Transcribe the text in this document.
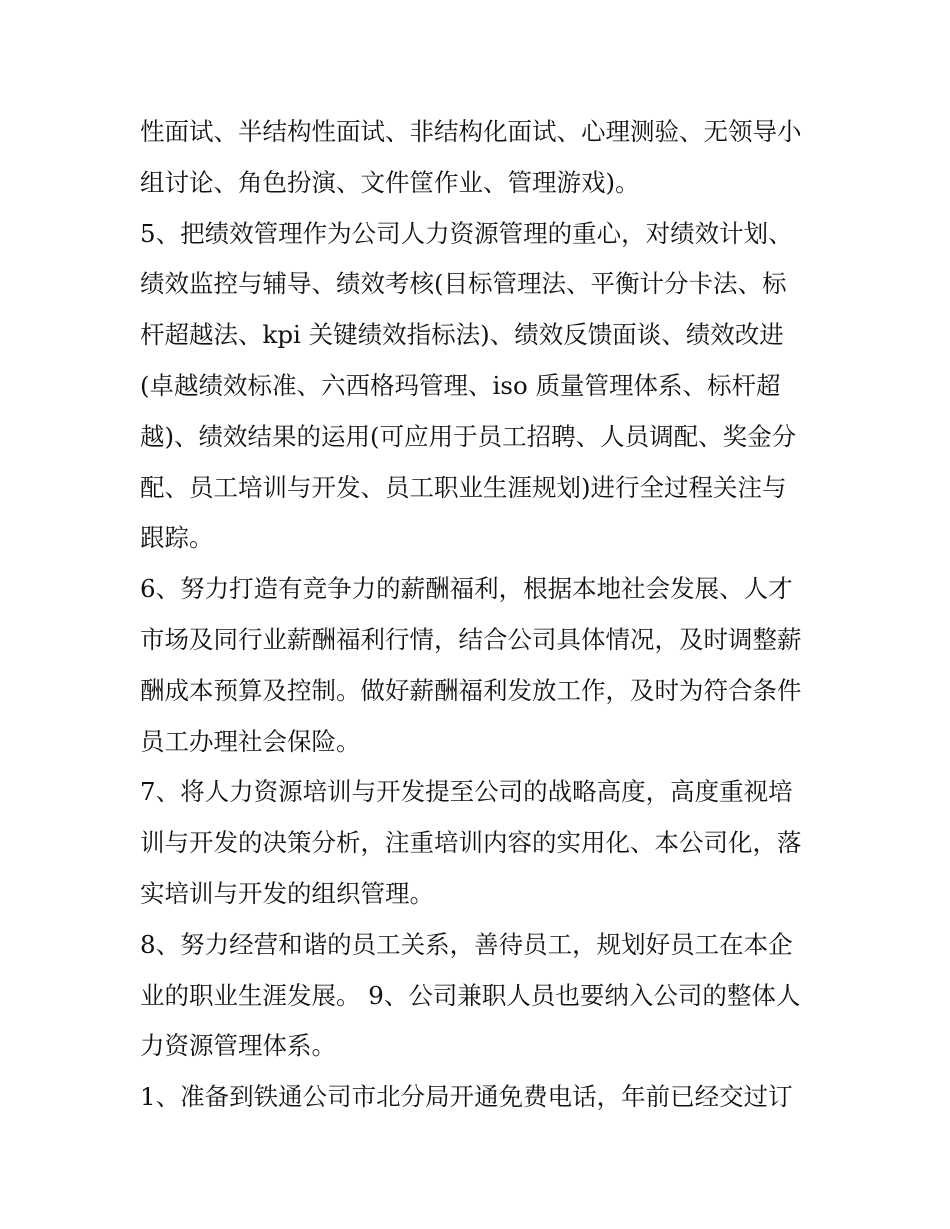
性面试、半结构性面试、非结构化面试、心理测验、无领导小
组讨论、角色扮演、文件筐作业、管理游戏)。
5、把绩效管理作为公司人力资源管理的重心，对绩效计划、
绩效监控与辅导、绩效考核(目标管理法、平衡计分卡法、标
杆超越法、kpi 关键绩效指标法)、绩效反馈面谈、绩效改进
(卓越绩效标准、六西格玛管理、iso 质量管理体系、标杆超
越)、绩效结果的运用(可应用于员工招聘、人员调配、奖金分
配、员工培训与开发、员工职业生涯规划)进行全过程关注与
跟踪。
6、努力打造有竞争力的薪酬福利，根据本地社会发展、人才
市场及同行业薪酬福利行情，结合公司具体情况，及时调整薪
酬成本预算及控制。做好薪酬福利发放工作，及时为符合条件
员工办理社会保险。
7、将人力资源培训与开发提至公司的战略高度，高度重视培
训与开发的决策分析，注重培训内容的实用化、本公司化，落
实培训与开发的组织管理。
8、努力经营和谐的员工关系，善待员工，规划好员工在本企
业的职业生涯发展。 9、公司兼职人员也要纳入公司的整体人
力资源管理体系。
1、准备到铁通公司市北分局开通免费电话，年前已经交过订
